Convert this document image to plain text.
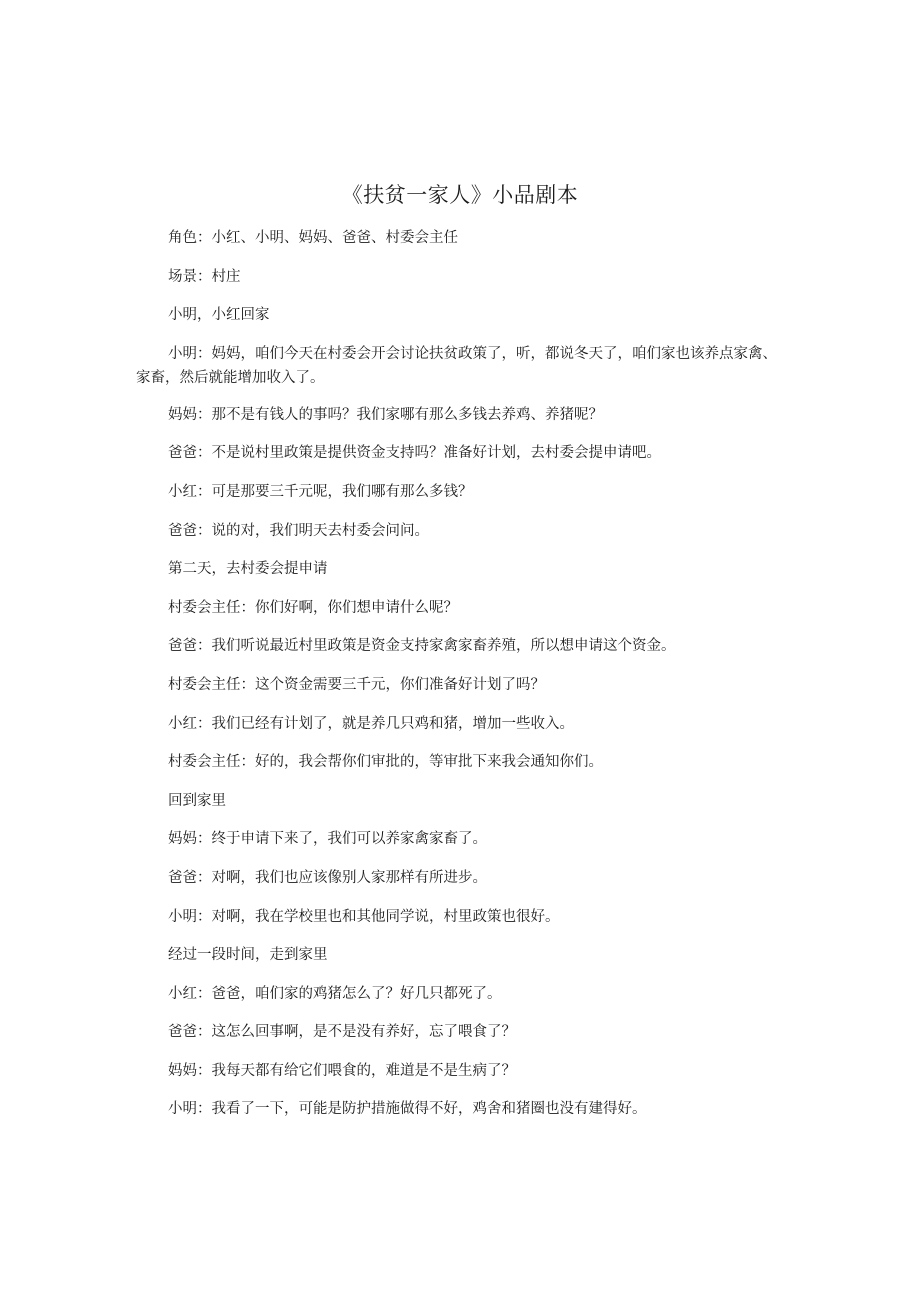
《扶贫一家人》小品剧本

角色：小红、小明、妈妈、爸爸、村委会主任

场景：村庄

小明，小红回家

小明：妈妈，咱们今天在村委会开会讨论扶贫政策了，听，都说冬天了，咱们家也该养点家禽、家畜，然后就能增加收入了。

妈妈：那不是有钱人的事吗？我们家哪有那么多钱去养鸡、养猪呢？

爸爸：不是说村里政策是提供资金支持吗？准备好计划，去村委会提申请吧。

小红：可是那要三千元呢，我们哪有那么多钱？

爸爸：说的对，我们明天去村委会问问。

第二天，去村委会提申请

村委会主任：你们好啊，你们想申请什么呢？

爸爸：我们听说最近村里政策是资金支持家禽家畜养殖，所以想申请这个资金。

村委会主任：这个资金需要三千元，你们准备好计划了吗？

小红：我们已经有计划了，就是养几只鸡和猪，增加一些收入。

村委会主任：好的，我会帮你们审批的，等审批下来我会通知你们。

回到家里

妈妈：终于申请下来了，我们可以养家禽家畜了。

爸爸：对啊，我们也应该像别人家那样有所进步。

小明：对啊，我在学校里也和其他同学说，村里政策也很好。

经过一段时间，走到家里

小红：爸爸，咱们家的鸡猪怎么了？好几只都死了。

爸爸：这怎么回事啊，是不是没有养好，忘了喂食了？

妈妈：我每天都有给它们喂食的，难道是不是生病了？

小明：我看了一下，可能是防护措施做得不好，鸡舍和猪圈也没有建得好。
